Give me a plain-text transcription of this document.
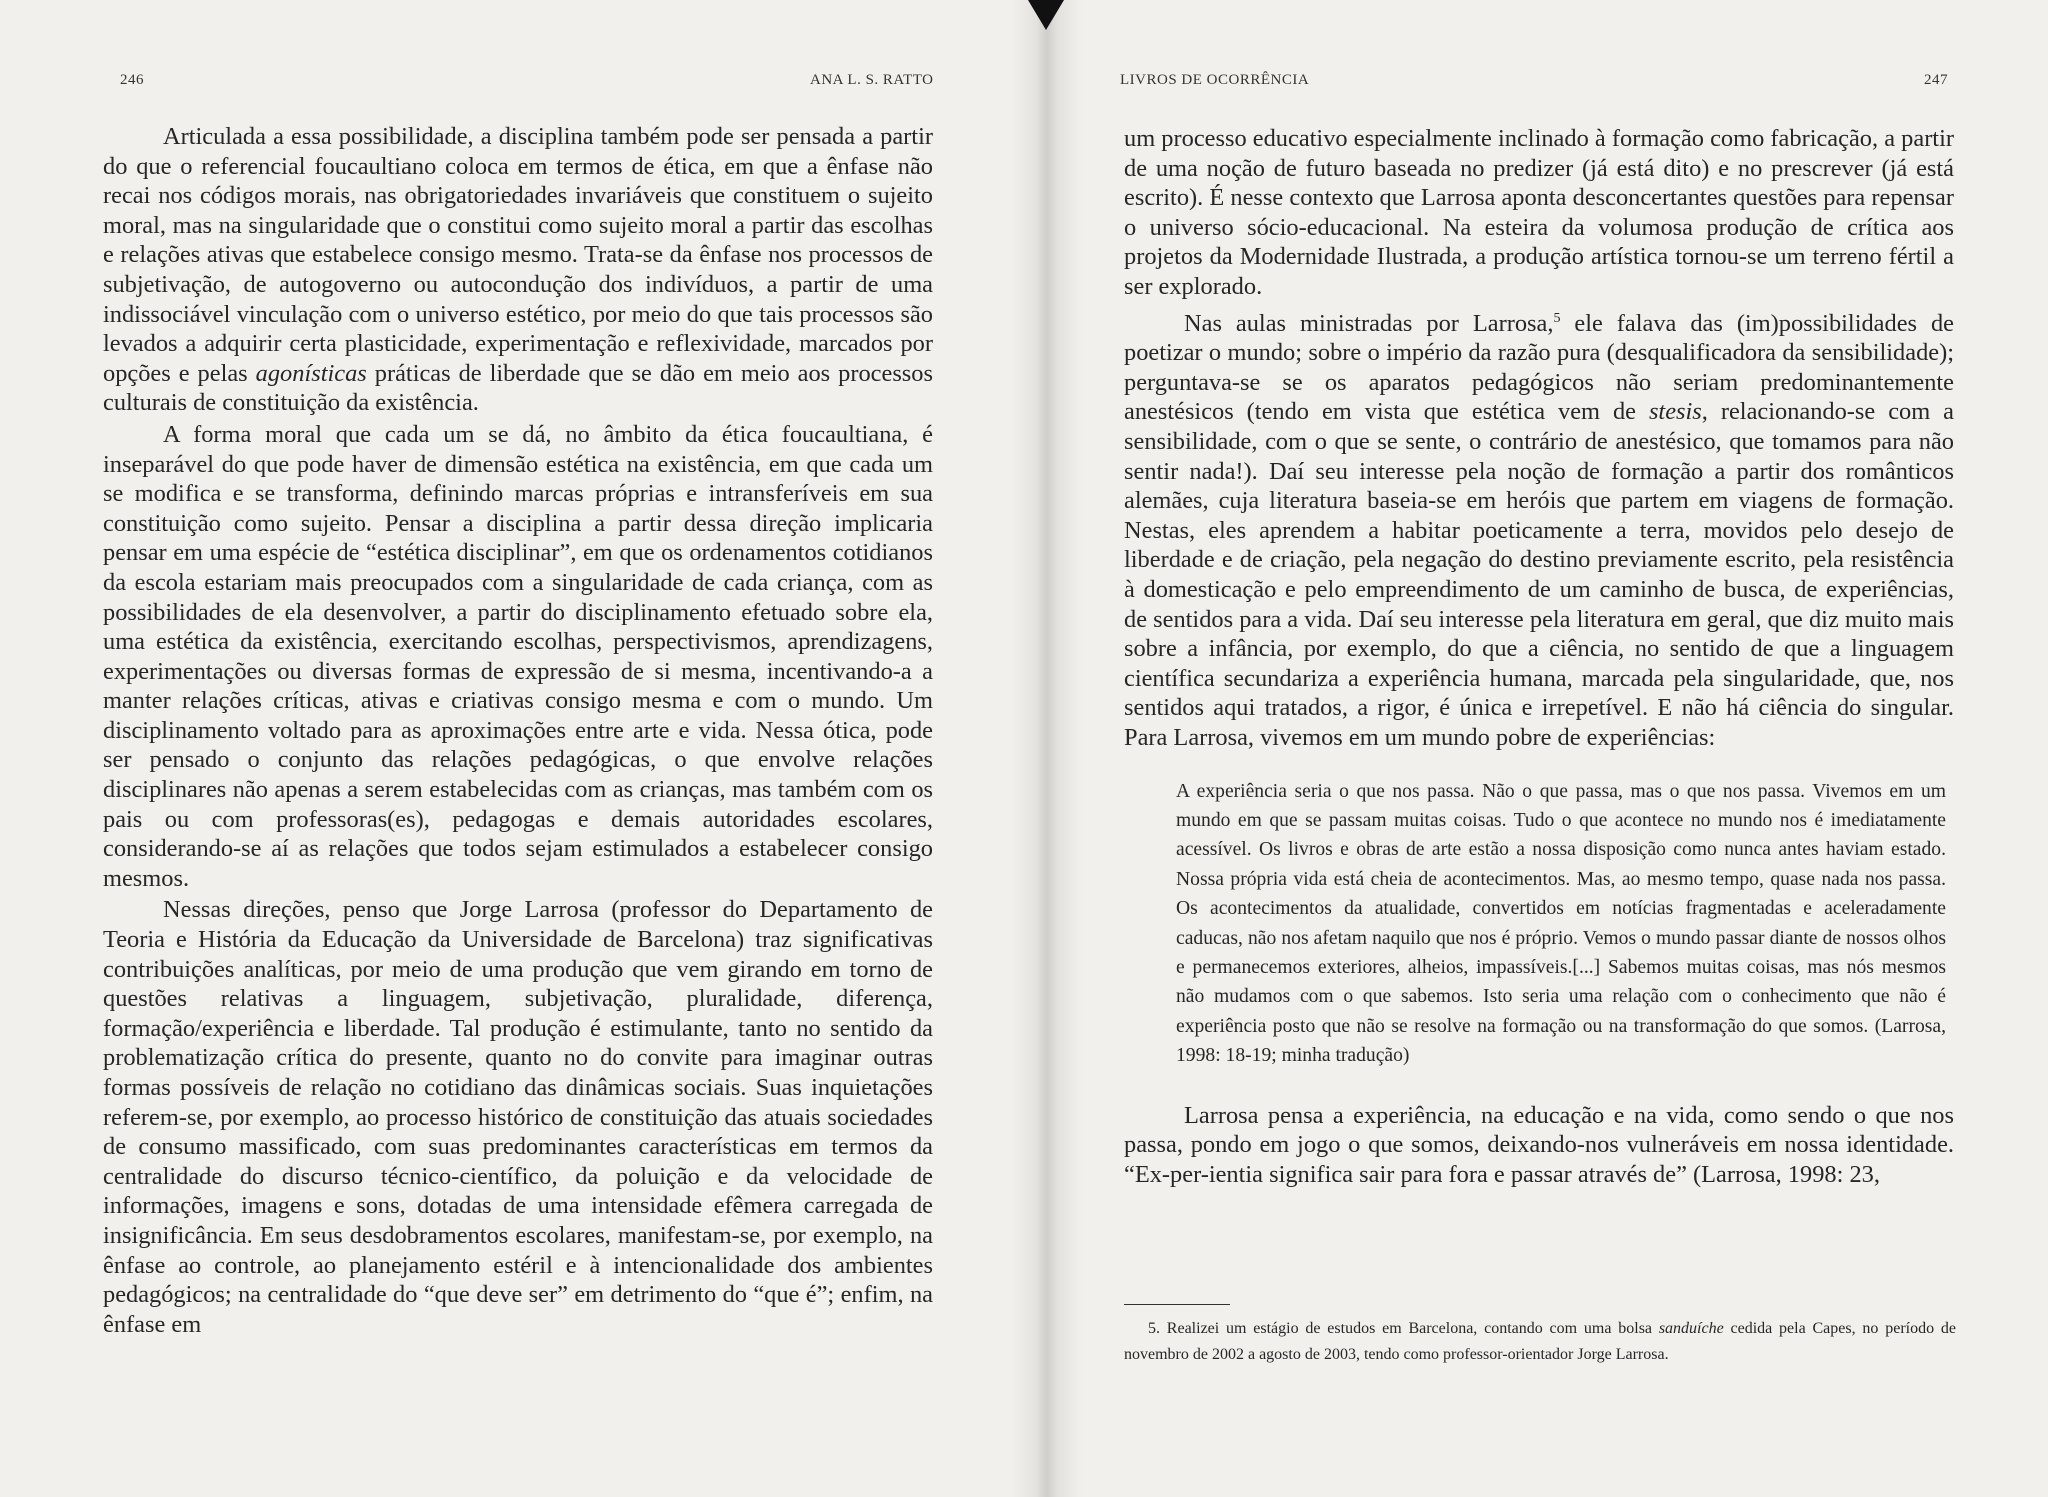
246	ANA L. S. RATTO

Articulada a essa possibilidade, a disciplina também pode ser pensada a partir do que o referencial foucaultiano coloca em termos de ética, em que a ênfase não recai nos códigos morais, nas obrigatoriedades invariáveis que constituem o sujeito moral, mas na singularidade que o constitui como sujeito moral a partir das escolhas e relações ativas que estabelece consigo mesmo. Trata-se da ênfase nos processos de subjetivação, de autogoverno ou autocondução dos indivíduos, a partir de uma indissociável vinculação com o universo estético, por meio do que tais processos são levados a adquirir certa plasticidade, experimentação e reflexividade, marcados por opções e pelas agonísticas práticas de liberdade que se dão em meio aos processos culturais de constituição da existência.

A forma moral que cada um se dá, no âmbito da ética foucaultiana, é inseparável do que pode haver de dimensão estética na existência, em que cada um se modifica e se transforma, definindo marcas próprias e intransferíveis em sua constituição como sujeito. Pensar a disciplina a partir dessa direção implicaria pensar em uma espécie de “estética disciplinar”, em que os ordenamentos cotidianos da escola estariam mais preocupados com a singularidade de cada criança, com as possibilidades de ela desenvolver, a partir do disciplinamento efetuado sobre ela, uma estética da existência, exercitando escolhas, perspectivismos, aprendizagens, experimentações ou diversas formas de expressão de si mesma, incentivando-a a manter relações críticas, ativas e criativas consigo mesma e com o mundo. Um disciplinamento voltado para as aproximações entre arte e vida. Nessa ótica, pode ser pensado o conjunto das relações pedagógicas, o que envolve relações disciplinares não apenas a serem estabelecidas com as crianças, mas também com os pais ou com professoras(es), pedagogas e demais autoridades escolares, considerando-se aí as relações que todos sejam estimulados a estabelecer consigo mesmos.

Nessas direções, penso que Jorge Larrosa (professor do Departamento de Teoria e História da Educação da Universidade de Barcelona) traz significativas contribuições analíticas, por meio de uma produção que vem girando em torno de questões relativas a linguagem, subjetivação, pluralidade, diferença, formação/experiência e liberdade. Tal produção é estimulante, tanto no sentido da problematização crítica do presente, quanto no do convite para imaginar outras formas possíveis de relação no cotidiano das dinâmicas sociais. Suas inquietações referem-se, por exemplo, ao processo histórico de constituição das atuais sociedades de consumo massificado, com suas predominantes características em termos da centralidade do discurso técnico-científico, da poluição e da velocidade de informações, imagens e sons, dotadas de uma intensidade efêmera carregada de insignificância. Em seus desdobramentos escolares, manifestam-se, por exemplo, na ênfase ao controle, ao planejamento estéril e à intencionalidade dos ambientes pedagógicos; na centralidade do “que deve ser” em detrimento do “que é”; enfim, na ênfase em

LIVROS DE OCORRÊNCIA	247

um processo educativo especialmente inclinado à formação como fabricação, a partir de uma noção de futuro baseada no predizer (já está dito) e no prescrever (já está escrito). É nesse contexto que Larrosa aponta desconcertantes questões para repensar o universo sócio-educacional. Na esteira da volumosa produção de crítica aos projetos da Modernidade Ilustrada, a produção artística tornou-se um terreno fértil a ser explorado.

Nas aulas ministradas por Larrosa,$^5$ ele falava das (im)possibilidades de poetizar o mundo; sobre o império da razão pura (desqualificadora da sensibilidade); perguntava-se se os aparatos pedagógicos não seriam predominantemente anestésicos (tendo em vista que estética vem de stesis, relacionando-se com a sensibilidade, com o que se sente, o contrário de anestésico, que tomamos para não sentir nada!). Daí seu interesse pela noção de formação a partir dos românticos alemães, cuja literatura baseia-se em heróis que partem em viagens de formação. Nestas, eles aprendem a habitar poeticamente a terra, movidos pelo desejo de liberdade e de criação, pela negação do destino previamente escrito, pela resistência à domesticação e pelo empreendimento de um caminho de busca, de experiências, de sentidos para a vida. Daí seu interesse pela literatura em geral, que diz muito mais sobre a infância, por exemplo, do que a ciência, no sentido de que a linguagem científica secundariza a experiência humana, marcada pela singularidade, que, nos sentidos aqui tratados, a rigor, é única e irrepetível. E não há ciência do singular. Para Larrosa, vivemos em um mundo pobre de experiências:

A experiência seria o que nos passa. Não o que passa, mas o que nos passa. Vivemos em um mundo em que se passam muitas coisas. Tudo o que acontece no mundo nos é imediatamente acessível. Os livros e obras de arte estão a nossa disposição como nunca antes haviam estado. Nossa própria vida está cheia de acontecimentos. Mas, ao mesmo tempo, quase nada nos passa. Os acontecimentos da atualidade, convertidos em notícias fragmentadas e aceleradamente caducas, não nos afetam naquilo que nos é próprio. Vemos o mundo passar diante de nossos olhos e permanecemos exteriores, alheios, impassíveis.[...] Sabemos muitas coisas, mas nós mesmos não mudamos com o que sabemos. Isto seria uma relação com o conhecimento que não é experiência posto que não se resolve na formação ou na transformação do que somos. (Larrosa, 1998: 18-19; minha tradução)

Larrosa pensa a experiência, na educação e na vida, como sendo o que nos passa, pondo em jogo o que somos, deixando-nos vulneráveis em nossa identidade. “Ex-per-ientia significa sair para fora e passar através de” (Larrosa, 1998: 23,

5. Realizei um estágio de estudos em Barcelona, contando com uma bolsa sanduíche cedida pela Capes, no período de novembro de 2002 a agosto de 2003, tendo como professor-orientador Jorge Larrosa.
